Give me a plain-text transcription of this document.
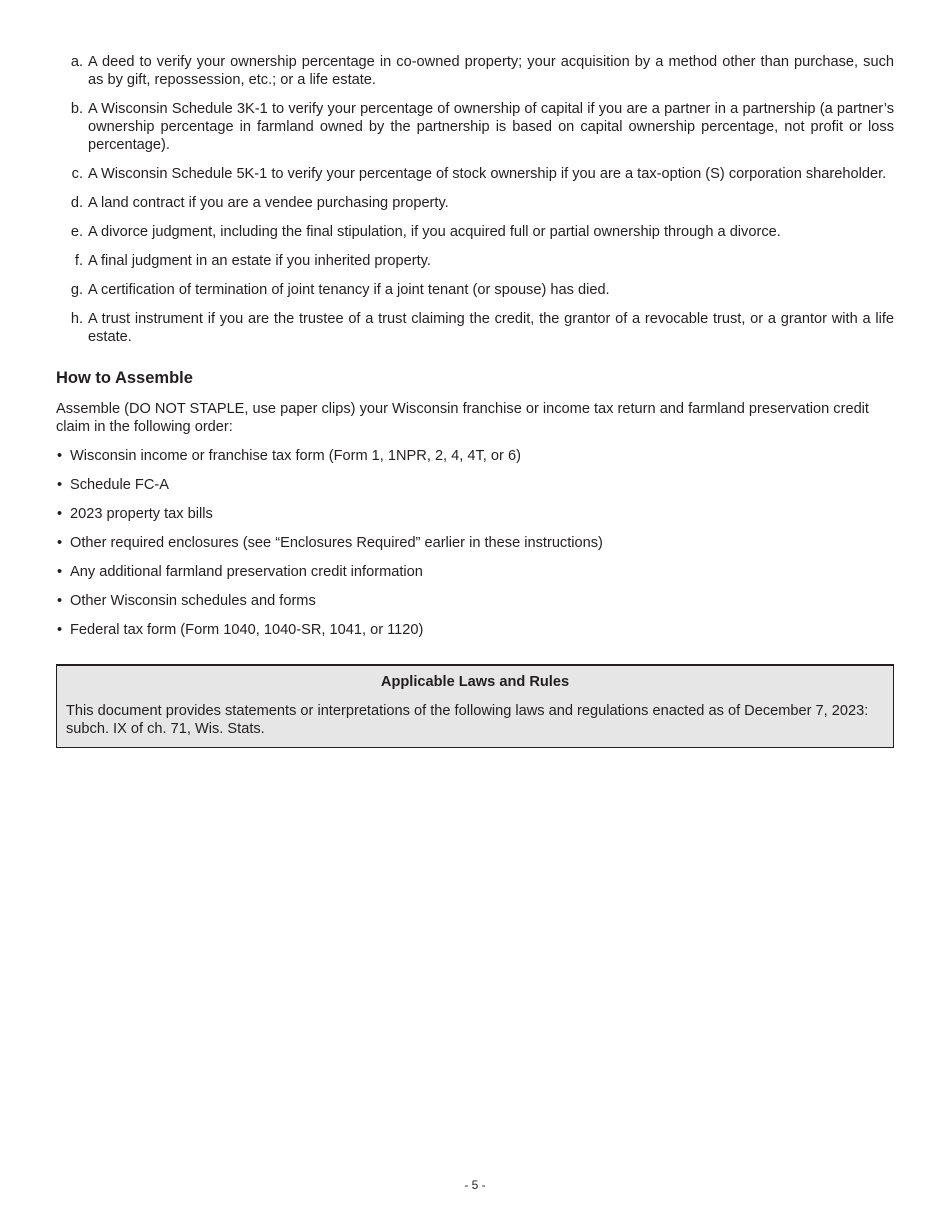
a. A deed to verify your ownership percentage in co-owned property; your acquisition by a method other than purchase, such as by gift, repossession, etc.; or a life estate.
b. A Wisconsin Schedule 3K-1 to verify your percentage of ownership of capital if you are a partner in a partnership (a partner’s ownership percentage in farmland owned by the partnership is based on capital ownership percentage, not profit or loss percentage).
c. A Wisconsin Schedule 5K-1 to verify your percentage of stock ownership if you are a tax-option (S) corporation shareholder.
d. A land contract if you are a vendee purchasing property.
e. A divorce judgment, including the final stipulation, if you acquired full or partial ownership through a divorce.
f. A final judgment in an estate if you inherited property.
g. A certification of termination of joint tenancy if a joint tenant (or spouse) has died.
h. A trust instrument if you are the trustee of a trust claiming the credit, the grantor of a revocable trust, or a grantor with a life estate.
How to Assemble

Assemble (DO NOT STAPLE, use paper clips) your Wisconsin franchise or income tax return and farmland preservation credit claim in the following order:

• Wisconsin income or franchise tax form (Form 1, 1NPR, 2, 4, 4T, or 6)
• Schedule FC-A
• 2023 property tax bills
• Other required enclosures (see “Enclosures Required” earlier in these instructions)
• Any additional farmland preservation credit information
• Other Wisconsin schedules and forms
• Federal tax form (Form 1040, 1040-SR, 1041, or 1120)

Applicable Laws and Rules

This document provides statements or interpretations of the following laws and regulations enacted as of December 7, 2023: subch. IX of ch. 71, Wis. Stats.

- 5 -
